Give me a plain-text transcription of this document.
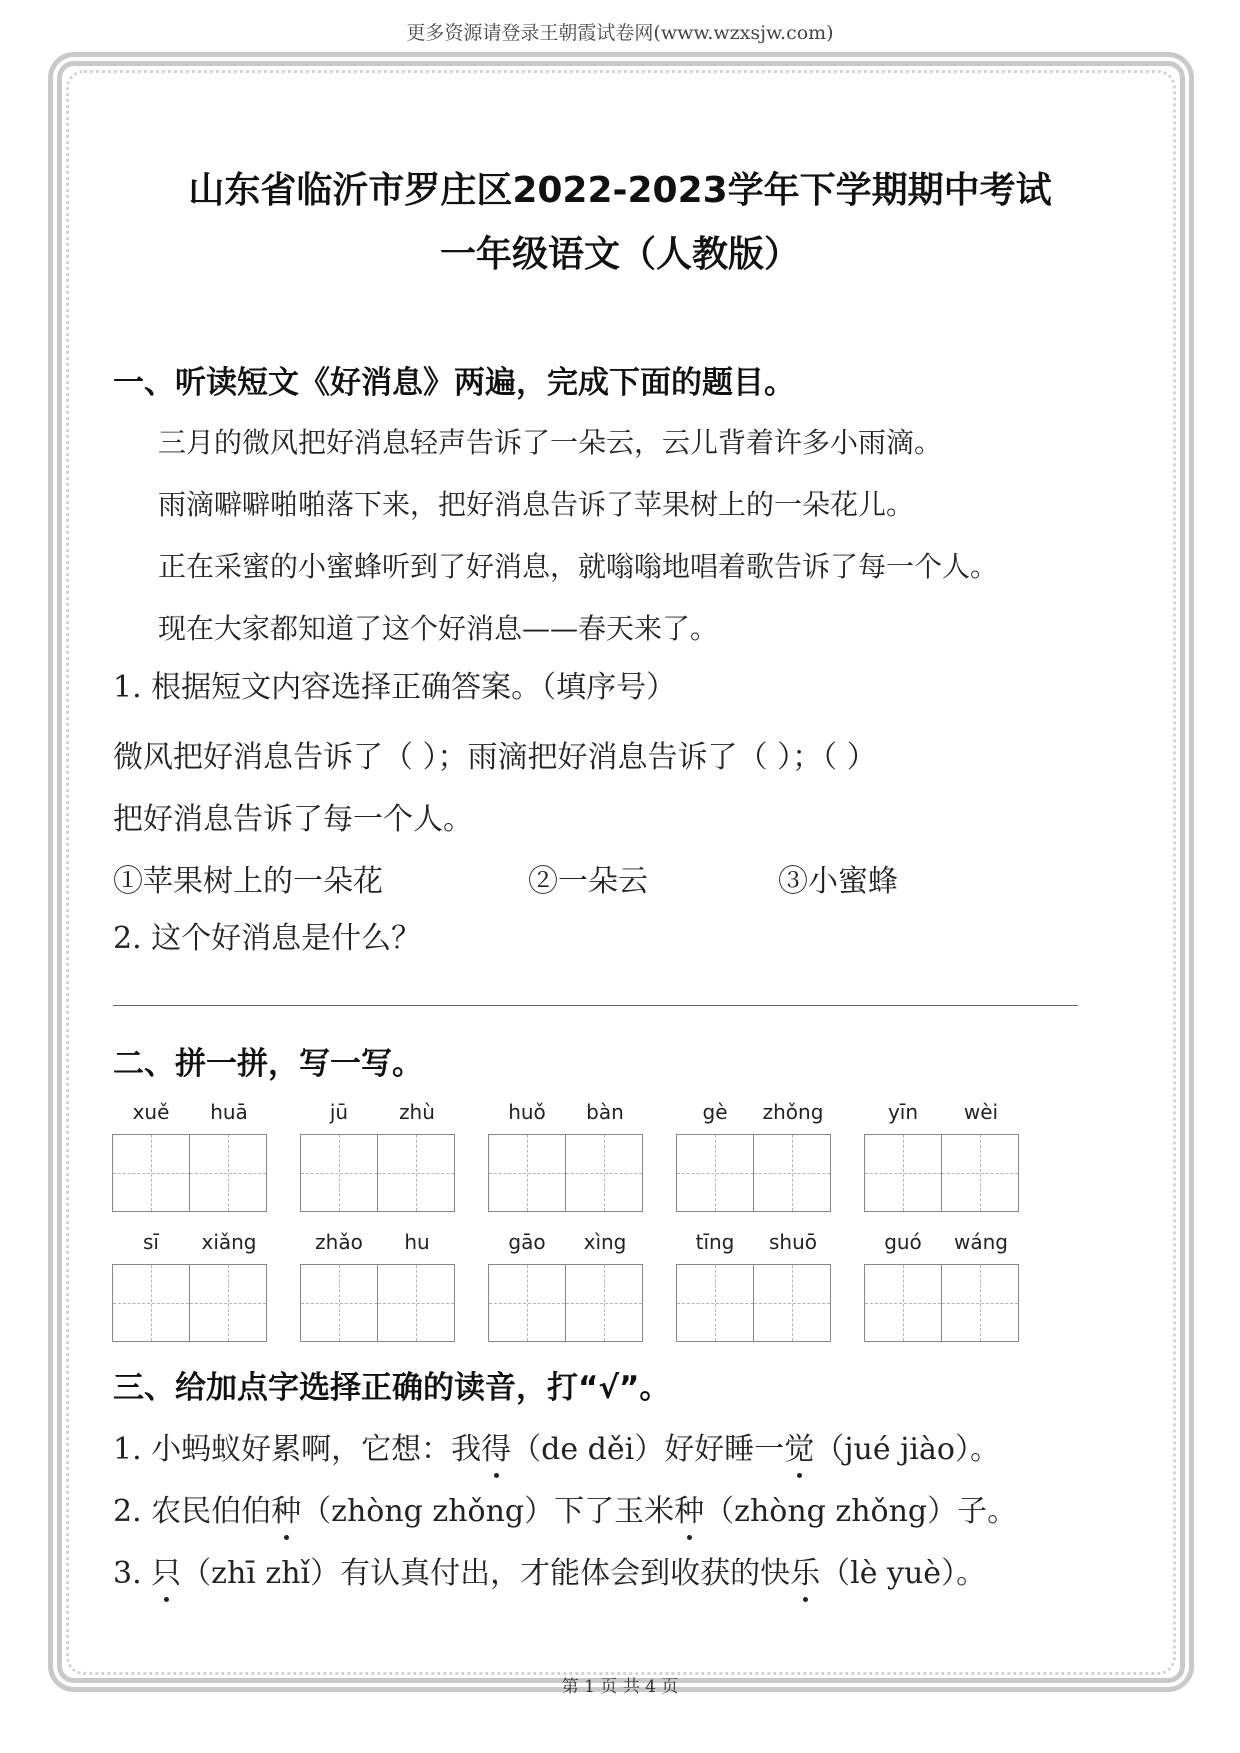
更多资源请登录王朝霞试卷网(www.wzxsjw.com)
山东省临沂市罗庄区2022-2023学年下学期期中考试
一年级语文（人教版）
一、听读短文《好消息》两遍，完成下面的题目。
三月的微风把好消息轻声告诉了一朵云，云儿背着许多小雨滴。
雨滴噼噼啪啪落下来，把好消息告诉了苹果树上的一朵花儿。
正在采蜜的小蜜蜂听到了好消息，就嗡嗡地唱着歌告诉了每一个人。
现在大家都知道了这个好消息——春天来了。
1. 根据短文内容选择正确答案。（填序号）
微风把好消息告诉了（ ）；雨滴把好消息告诉了（ ）；（ ）
把好消息告诉了每一个人。
①苹果树上的一朵花	②一朵云	③小蜜蜂
2. 这个好消息是什么？
二、拼一拼，写一写。
xuě	huā	jū	zhù	huǒ	bàn	gè	zhǒng	yīn	wèi
sī	xiǎng	zhǎo	hu	gāo	xìng	tīng	shuō	guó	wáng
三、给加点字选择正确的读音，打“√”。
1. 小蚂蚁好累啊，它想：我得（de děi）好好睡一觉（jué jiào）。
2. 农民伯伯种（zhòng zhǒng）下了玉米种（zhòng zhǒng）子。
3. 只（zhī zhǐ）有认真付出，才能体会到收获的快乐（lè yuè）。
第 1 页 共 4 页
